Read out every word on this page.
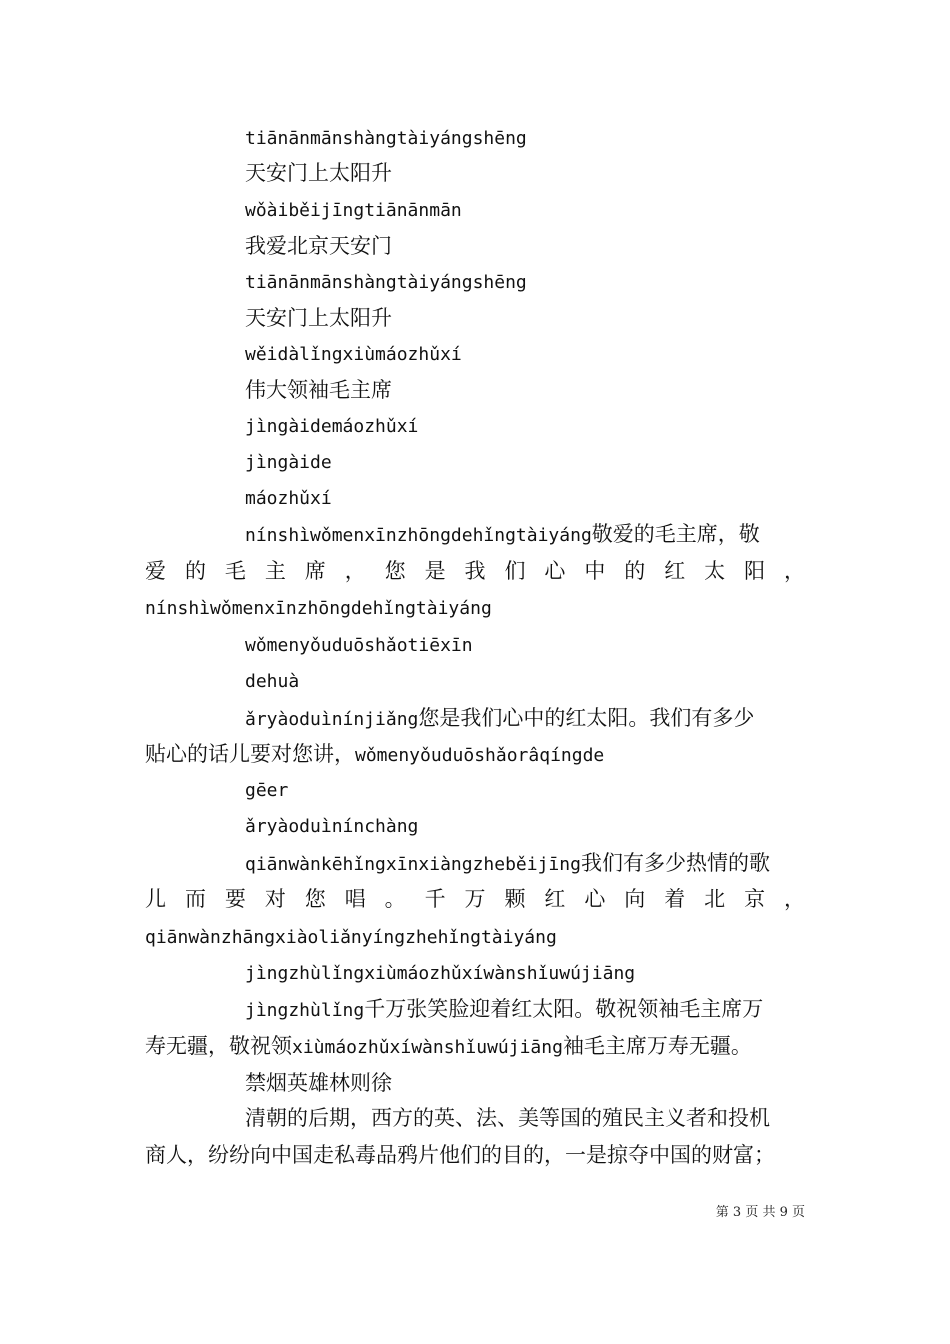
tiānānmānshàngtàiyángshēng
天安门上太阳升
wǒàiběijīngtiānānmān
我爱北京天安门
tiānānmānshàngtàiyángshēng
天安门上太阳升
wěidàlǐngxiùmáozhǔxí
伟大领袖毛主席
jìngàidemáozhǔxí
jìngàide
máozhǔxí
nínshìwǒmenxīnzhōngdehǐngtàiyáng敬爱的毛主席，敬
爱 的 毛 主 席 ， 您 是 我 们 心 中 的 红 太 阳 ，
nínshìwǒmenxīnzhōngdehǐngtàiyáng
wǒmenyǒuduōshǎotiēxīn
dehuà
ǎryàoduìnínjiǎng您是我们心中的红太阳。我们有多少
贴心的话儿要对您讲，wǒmenyǒuduōshǎorâqíngde
gēer
ǎryàoduìnínchàng
qiānwànkēhǐngxīnxiàngzheběijīng我们有多少热情的歌
儿 而 要 对 您 唱 。 千 万 颗 红 心 向 着 北 京 ，
qiānwànzhāngxiàoliǎnyíngzhehǐngtàiyáng
jìngzhùlǐngxiùmáozhǔxíwànshǐuwújiāng
jìngzhùlǐng千万张笑脸迎着红太阳。敬祝领袖毛主席万
寿无疆，敬祝领xiùmáozhǔxíwànshǐuwújiāng袖毛主席万寿无疆。
禁烟英雄林则徐
清朝的后期，西方的英、法、美等国的殖民主义者和投机
商人，纷纷向中国走私毒品鸦片他们的目的，一是掠夺中国的财富；
第 3 页 共 9 页
